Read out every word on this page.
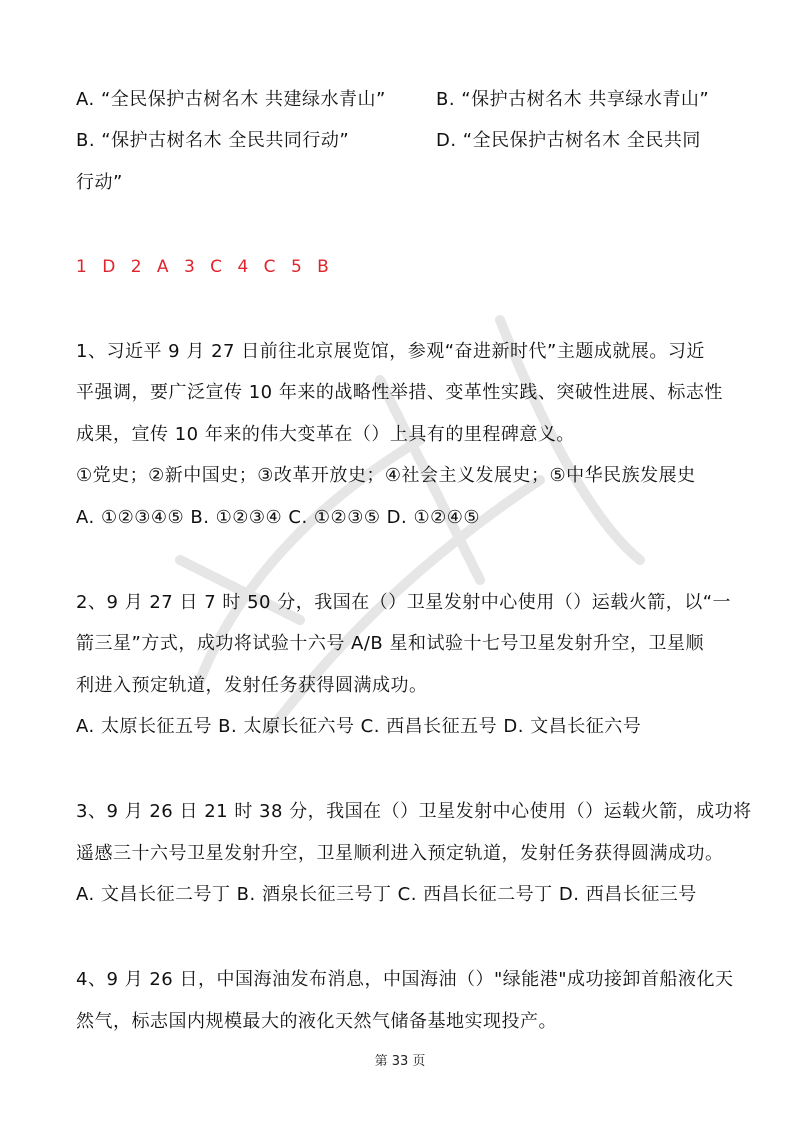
A. “全民保护古树名木 共建绿水青山”	B. “保护古树名木 共享绿水青山”
B. “保护古树名木 全民共同行动”	D. “全民保护古树名木 全民共同
行动”
1 D 2 A 3 C 4 C 5 B
1、习近平 9 月 27 日前往北京展览馆，参观“奋进新时代”主题成就展。习近
平强调，要广泛宣传 10 年来的战略性举措、变革性实践、突破性进展、标志性
成果，宣传 10 年来的伟大变革在（）上具有的里程碑意义。
①党史；②新中国史；③改革开放史；④社会主义发展史；⑤中华民族发展史
A. ①②③④⑤ B. ①②③④ C. ①②③⑤ D. ①②④⑤
2、9 月 27 日 7 时 50 分，我国在（）卫星发射中心使用（）运载火箭，以“一
箭三星”方式，成功将试验十六号 A/B 星和试验十七号卫星发射升空，卫星顺
利进入预定轨道，发射任务获得圆满成功。
A. 太原长征五号 B. 太原长征六号 C. 西昌长征五号 D. 文昌长征六号
3、9 月 26 日 21 时 38 分，我国在（）卫星发射中心使用（）运载火箭，成功将
遥感三十六号卫星发射升空，卫星顺利进入预定轨道，发射任务获得圆满成功。
A. 文昌长征二号丁 B. 酒泉长征三号丁 C. 西昌长征二号丁 D. 西昌长征三号
4、9 月 26 日，中国海油发布消息，中国海油（）"绿能港"成功接卸首船液化天
然气，标志国内规模最大的液化天然气储备基地实现投产。
第 33 页
